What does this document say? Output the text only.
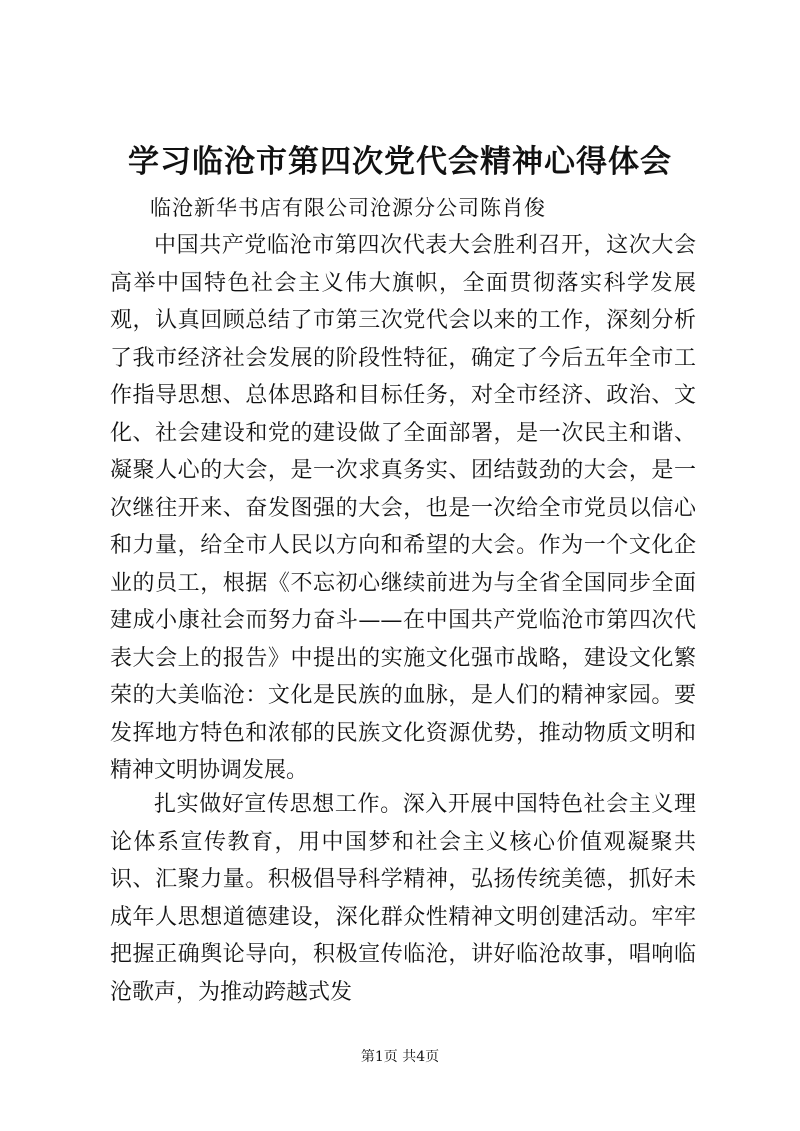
学习临沧市第四次党代会精神心得体会
临沧新华书店有限公司沧源分公司陈肖俊
中国共产党临沧市第四次代表大会胜利召开，这次大会高举中国特色社会主义伟大旗帜，全面贯彻落实科学发展观，认真回顾总结了市第三次党代会以来的工作，深刻分析了我市经济社会发展的阶段性特征，确定了今后五年全市工作指导思想、总体思路和目标任务，对全市经济、政治、文化、社会建设和党的建设做了全面部署，是一次民主和谐、凝聚人心的大会，是一次求真务实、团结鼓劲的大会，是一次继往开来、奋发图强的大会，也是一次给全市党员以信心和力量，给全市人民以方向和希望的大会。作为一个文化企业的员工，根据《不忘初心继续前进为与全省全国同步全面建成小康社会而努力奋斗——在中国共产党临沧市第四次代表大会上的报告》中提出的实施文化强市战略，建设文化繁荣的大美临沧：文化是民族的血脉，是人们的精神家园。要发挥地方特色和浓郁的民族文化资源优势，推动物质文明和精神文明协调发展。
扎实做好宣传思想工作。深入开展中国特色社会主义理论体系宣传教育，用中国梦和社会主义核心价值观凝聚共识、汇聚力量。积极倡导科学精神，弘扬传统美德，抓好未成年人思想道德建设，深化群众性精神文明创建活动。牢牢把握正确舆论导向，积极宣传临沧，讲好临沧故事，唱响临沧歌声，为推动跨越式发
第1页 共4页
